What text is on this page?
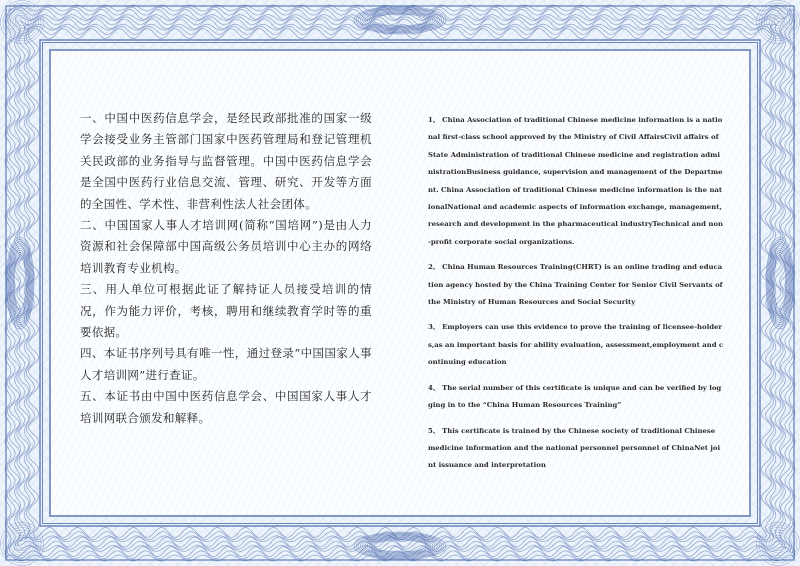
一、中国中医药信息学会，是经民政部批准的国家一级学会接受业务主管部门国家中医药管理局和登记管理机关民政部的业务指导与监督管理。中国中医药信息学会是全国中医药行业信息交流、管理、研究、开发等方面的全国性、学术性、非营利性法人社会团体。

二、中国国家人事人才培训网(简称“国培网”)是由人力资源和社会保障部中国高级公务员培训中心主办的网络培训教育专业机构。

三、用人单位可根据此证了解持证人员接受培训的情况，作为能力评价，考核，聘用和继续教育学时等的重要依据。

四、本证书序列号具有唯一性，通过登录“中国国家人事人才培训网”进行查证。

五、本证书由中国中医药信息学会、中国国家人事人才培训网联合颁发和解释。

1、 China Association of traditional Chinese medicine information is a national first-class school approved by the Ministry of Civil AffairsCivil affairs of State Administration of traditional Chinese medicine and registration administrationBusiness guidance, supervision and management of the Department. China Association of traditional Chinese medicine information is the nationalNational and academic aspects of information exchange, management, research and development in the pharmaceutical industryTechnical and non-profit corporate social organizations.

2、 China Human Resources Training(CHRT) is an online trading and education agency hosted by the China Training Center for Senior Civil Servants of the Ministry of Human Resources and Social Security

3、 Employers can use this evidence to prove the training of licensee-holders,as an important basis for ability evaluation, assessment,employment and continuing education

4、 The serial number of this certificate is unique and can be verified by logging in to the “China Human Resources Training”

5、 This certificate is trained by the Chinese society of traditional Chinese medicine information and the national personnel personnel of ChinaNet joint issuance and interpretation
